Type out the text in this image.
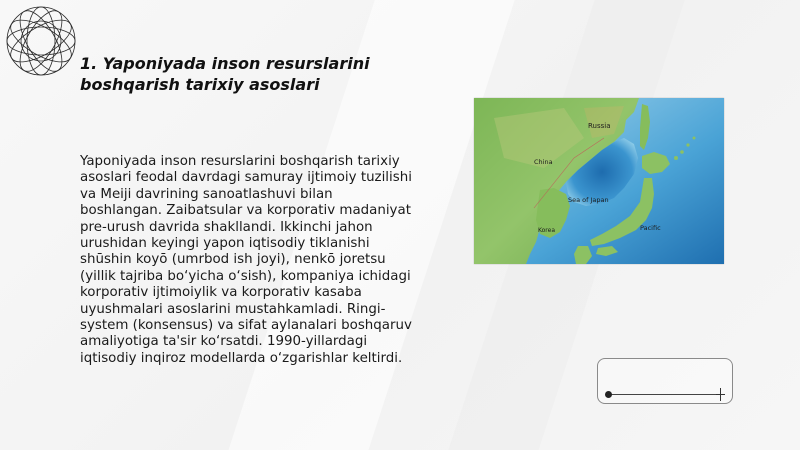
1. Yaponiyada inson resurslarini boshqarish tarixiy asoslari

Yaponiyada inson resurslarini boshqarish tarixiy asoslari feodal davrdagi samuray ijtimoiy tuzilishi va Meiji davrining sanoatlashuvi bilan boshlangan. Zaibatsular va korporativ madaniyat pre-urush davrida shakllandi. Ikkinchi jahon urushidan keyingi yapon iqtisodiy tiklanishi shūshin koyō (umrbod ish joyi), nenkō joretsu (yillik tajriba bo‘yicha o‘sish), kompaniya ichidagi korporativ ijtimoiylik va korporativ kasaba uyushmalari asoslarini mustahkamladi. Ringi-system (konsensus) va sifat aylanalari boshqaruv amaliyotiga ta'sir ko‘rsatdi. 1990-yillardagi iqtisodiy inqiroz modellarda o‘zgarishlar keltirdi.

Russia
China
Sea of Japan
Korea	Pacific
